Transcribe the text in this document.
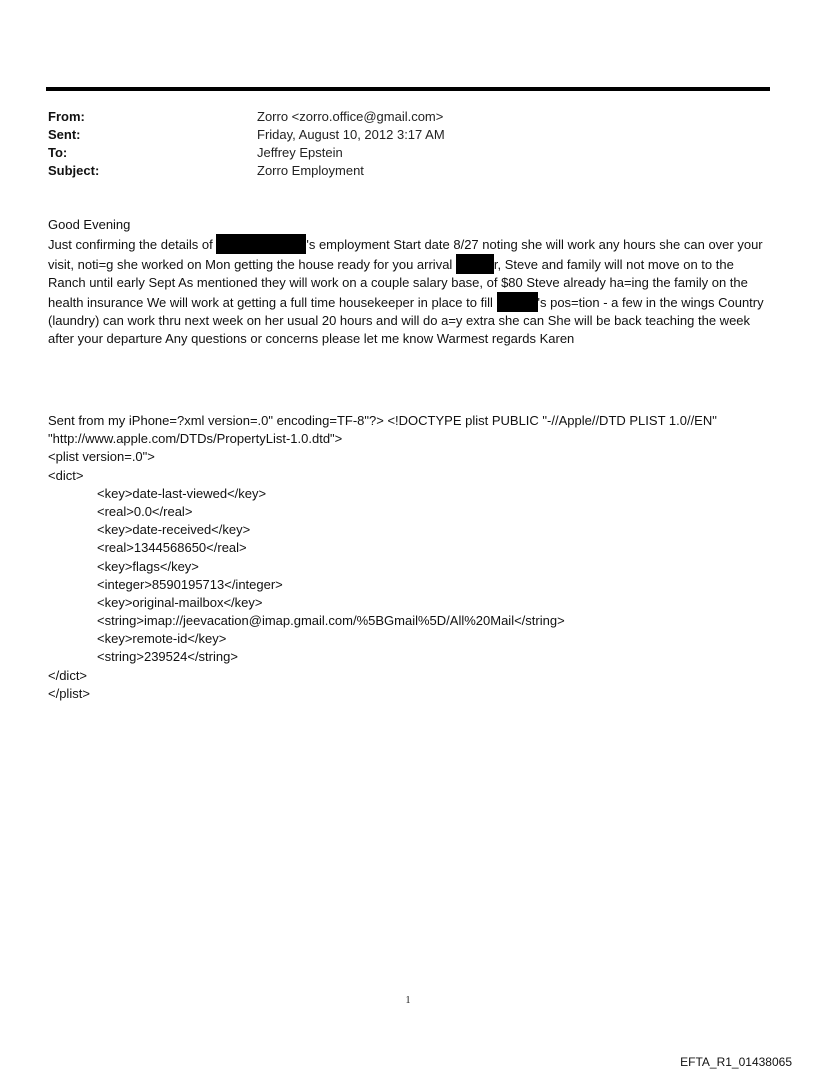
From:	Zorro <zorro.office@gmail.com>
Sent:	Friday, August 10, 2012 3:17 AM
To:	Jeffrey Epstein
Subject:	Zorro Employment

Good Evening

Just confirming the details of	's employment Start date 8/27 noting she will work any hours she can over your visit, noti=g she worked on Mon getting the house ready for you arrival	r, Steve and family will not move on to the Ranch until early Sept As mentioned they will work on a couple salary base, of $80 Steve already ha=ing the family on the health insurance We will work at getting a full time housekeeper in place to fill	's pos=tion - a few in the wings Country (laundry) can work thru next week on her usual 20 hours and will do a=y extra she can She will be back teaching the week after your departure Any questions or concerns please let me know Warmest regards Karen

Sent from my iPhone=?xml version=.0" encoding=TF-8"?> <!DOCTYPE plist PUBLIC "-//Apple//DTD PLIST 1.0//EN"
"http://www.apple.com/DTDs/PropertyList-1.0.dtd">
<plist version=.0">
<dict>
<key>date-last-viewed</key>
<real>0.0</real>
<key>date-received</key>
<real>1344568650</real>
<key>flags</key>
<integer>8590195713</integer>
<key>original-mailbox</key>
<string>imap://jeevacation@imap.gmail.com/%5BGmail%5D/All%20Mail</string>
<key>remote-id</key>
<string>239524</string>
</dict>
</plist>
1
EFTA_R1_01438065
